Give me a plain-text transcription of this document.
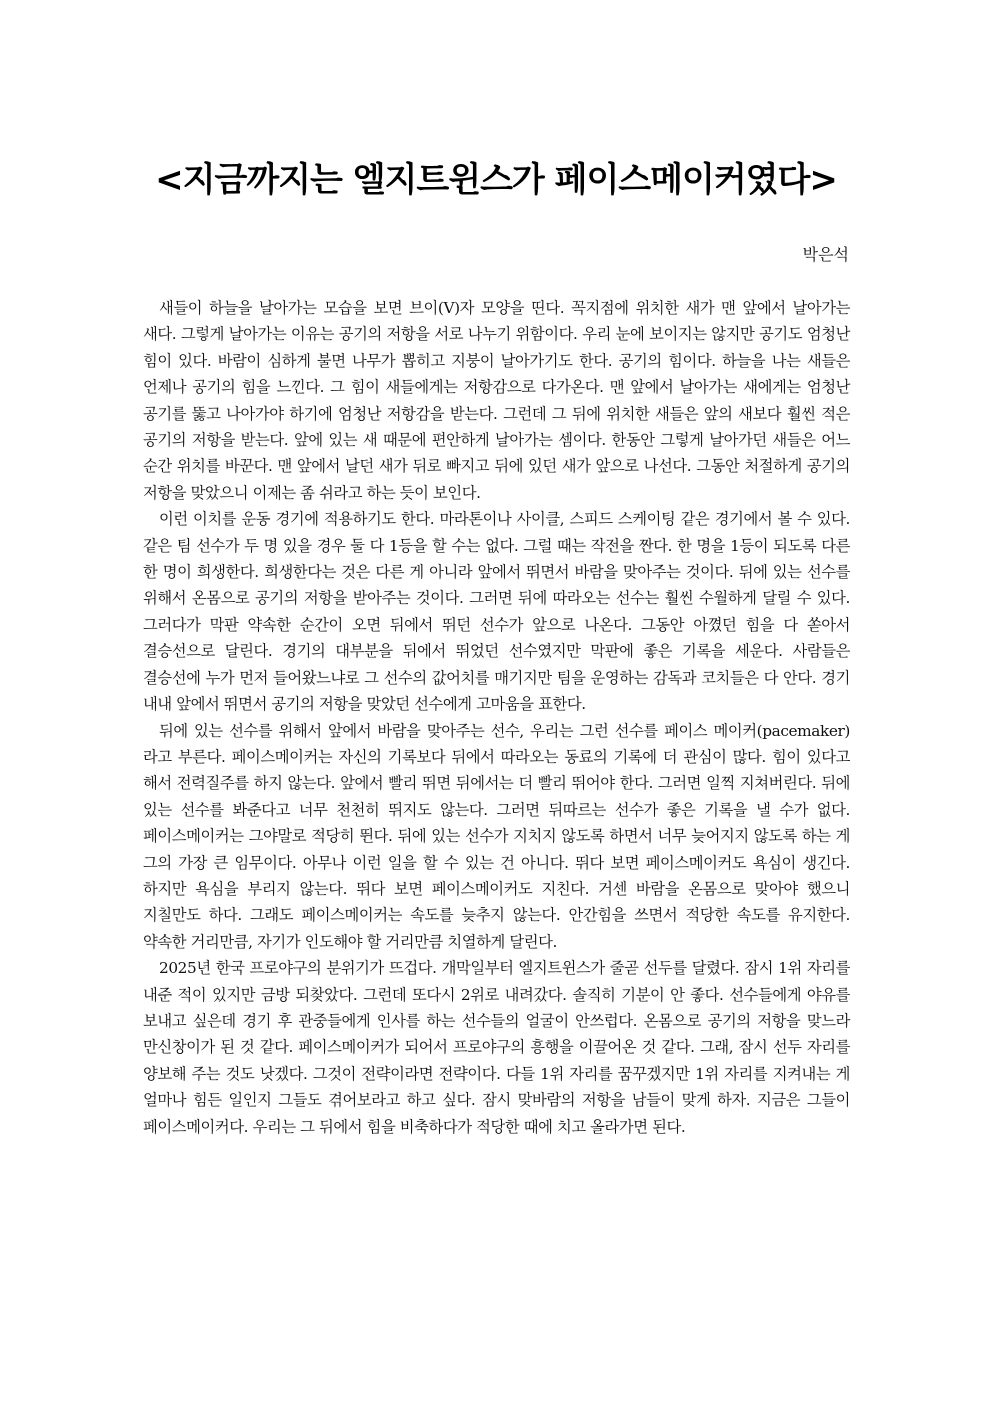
<지금까지는 엘지트윈스가 페이스메이커였다>

박은석

새들이 하늘을 날아가는 모습을 보면 브이(V)자 모양을 띤다. 꼭지점에 위치한 새가 맨 앞에서 날아가는 새다. 그렇게 날아가는 이유는 공기의 저항을 서로 나누기 위함이다. 우리 눈에 보이지는 않지만 공기도 엄청난 힘이 있다. 바람이 심하게 불면 나무가 뽑히고 지붕이 날아가기도 한다. 공기의 힘이다. 하늘을 나는 새들은 언제나 공기의 힘을 느낀다. 그 힘이 새들에게는 저항감으로 다가온다. 맨 앞에서 날아가는 새에게는 엄청난 공기를 뚫고 나아가야 하기에 엄청난 저항감을 받는다. 그런데 그 뒤에 위치한 새들은 앞의 새보다 훨씬 적은 공기의 저항을 받는다. 앞에 있는 새 때문에 편안하게 날아가는 셈이다. 한동안 그렇게 날아가던 새들은 어느 순간 위치를 바꾼다. 맨 앞에서 날던 새가 뒤로 빠지고 뒤에 있던 새가 앞으로 나선다. 그동안 처절하게 공기의 저항을 맞았으니 이제는 좀 쉬라고 하는 듯이 보인다.

이런 이치를 운동 경기에 적용하기도 한다. 마라톤이나 사이클, 스피드 스케이팅 같은 경기에서 볼 수 있다. 같은 팀 선수가 두 명 있을 경우 둘 다 1등을 할 수는 없다. 그럴 때는 작전을 짠다. 한 명을 1등이 되도록 다른 한 명이 희생한다. 희생한다는 것은 다른 게 아니라 앞에서 뛰면서 바람을 맞아주는 것이다. 뒤에 있는 선수를 위해서 온몸으로 공기의 저항을 받아주는 것이다. 그러면 뒤에 따라오는 선수는 훨씬 수월하게 달릴 수 있다. 그러다가 막판 약속한 순간이 오면 뒤에서 뛰던 선수가 앞으로 나온다. 그동안 아꼈던 힘을 다 쏟아서 결승선으로 달린다. 경기의 대부분을 뒤에서 뛰었던 선수였지만 막판에 좋은 기록을 세운다. 사람들은 결승선에 누가 먼저 들어왔느냐로 그 선수의 값어치를 매기지만 팀을 운영하는 감독과 코치들은 다 안다. 경기 내내 앞에서 뛰면서 공기의 저항을 맞았던 선수에게 고마움을 표한다.

뒤에 있는 선수를 위해서 앞에서 바람을 맞아주는 선수, 우리는 그런 선수를 페이스 메이커(pacemaker)라고 부른다. 페이스메이커는 자신의 기록보다 뒤에서 따라오는 동료의 기록에 더 관심이 많다. 힘이 있다고 해서 전력질주를 하지 않는다. 앞에서 빨리 뛰면 뒤에서는 더 빨리 뛰어야 한다. 그러면 일찍 지쳐버린다. 뒤에 있는 선수를 봐준다고 너무 천천히 뛰지도 않는다. 그러면 뒤따르는 선수가 좋은 기록을 낼 수가 없다. 페이스메이커는 그야말로 적당히 뛴다. 뒤에 있는 선수가 지치지 않도록 하면서 너무 늦어지지 않도록 하는 게 그의 가장 큰 임무이다. 아무나 이런 일을 할 수 있는 건 아니다. 뛰다 보면 페이스메이커도 욕심이 생긴다. 하지만 욕심을 부리지 않는다. 뛰다 보면 페이스메이커도 지친다. 거센 바람을 온몸으로 맞아야 했으니 지칠만도 하다. 그래도 페이스메이커는 속도를 늦추지 않는다. 안간힘을 쓰면서 적당한 속도를 유지한다. 약속한 거리만큼, 자기가 인도해야 할 거리만큼 치열하게 달린다.

2025년 한국 프로야구의 분위기가 뜨겁다. 개막일부터 엘지트윈스가 줄곧 선두를 달렸다. 잠시 1위 자리를 내준 적이 있지만 금방 되찾았다. 그런데 또다시 2위로 내려갔다. 솔직히 기분이 안 좋다. 선수들에게 야유를 보내고 싶은데 경기 후 관중들에게 인사를 하는 선수들의 얼굴이 안쓰럽다. 온몸으로 공기의 저항을 맞느라 만신창이가 된 것 같다. 페이스메이커가 되어서 프로야구의 흥행을 이끌어온 것 같다. 그래, 잠시 선두 자리를 양보해 주는 것도 낫겠다. 그것이 전략이라면 전략이다. 다들 1위 자리를 꿈꾸겠지만 1위 자리를 지켜내는 게 얼마나 힘든 일인지 그들도 겪어보라고 하고 싶다. 잠시 맞바람의 저항을 남들이 맞게 하자. 지금은 그들이 페이스메이커다. 우리는 그 뒤에서 힘을 비축하다가 적당한 때에 치고 올라가면 된다.
